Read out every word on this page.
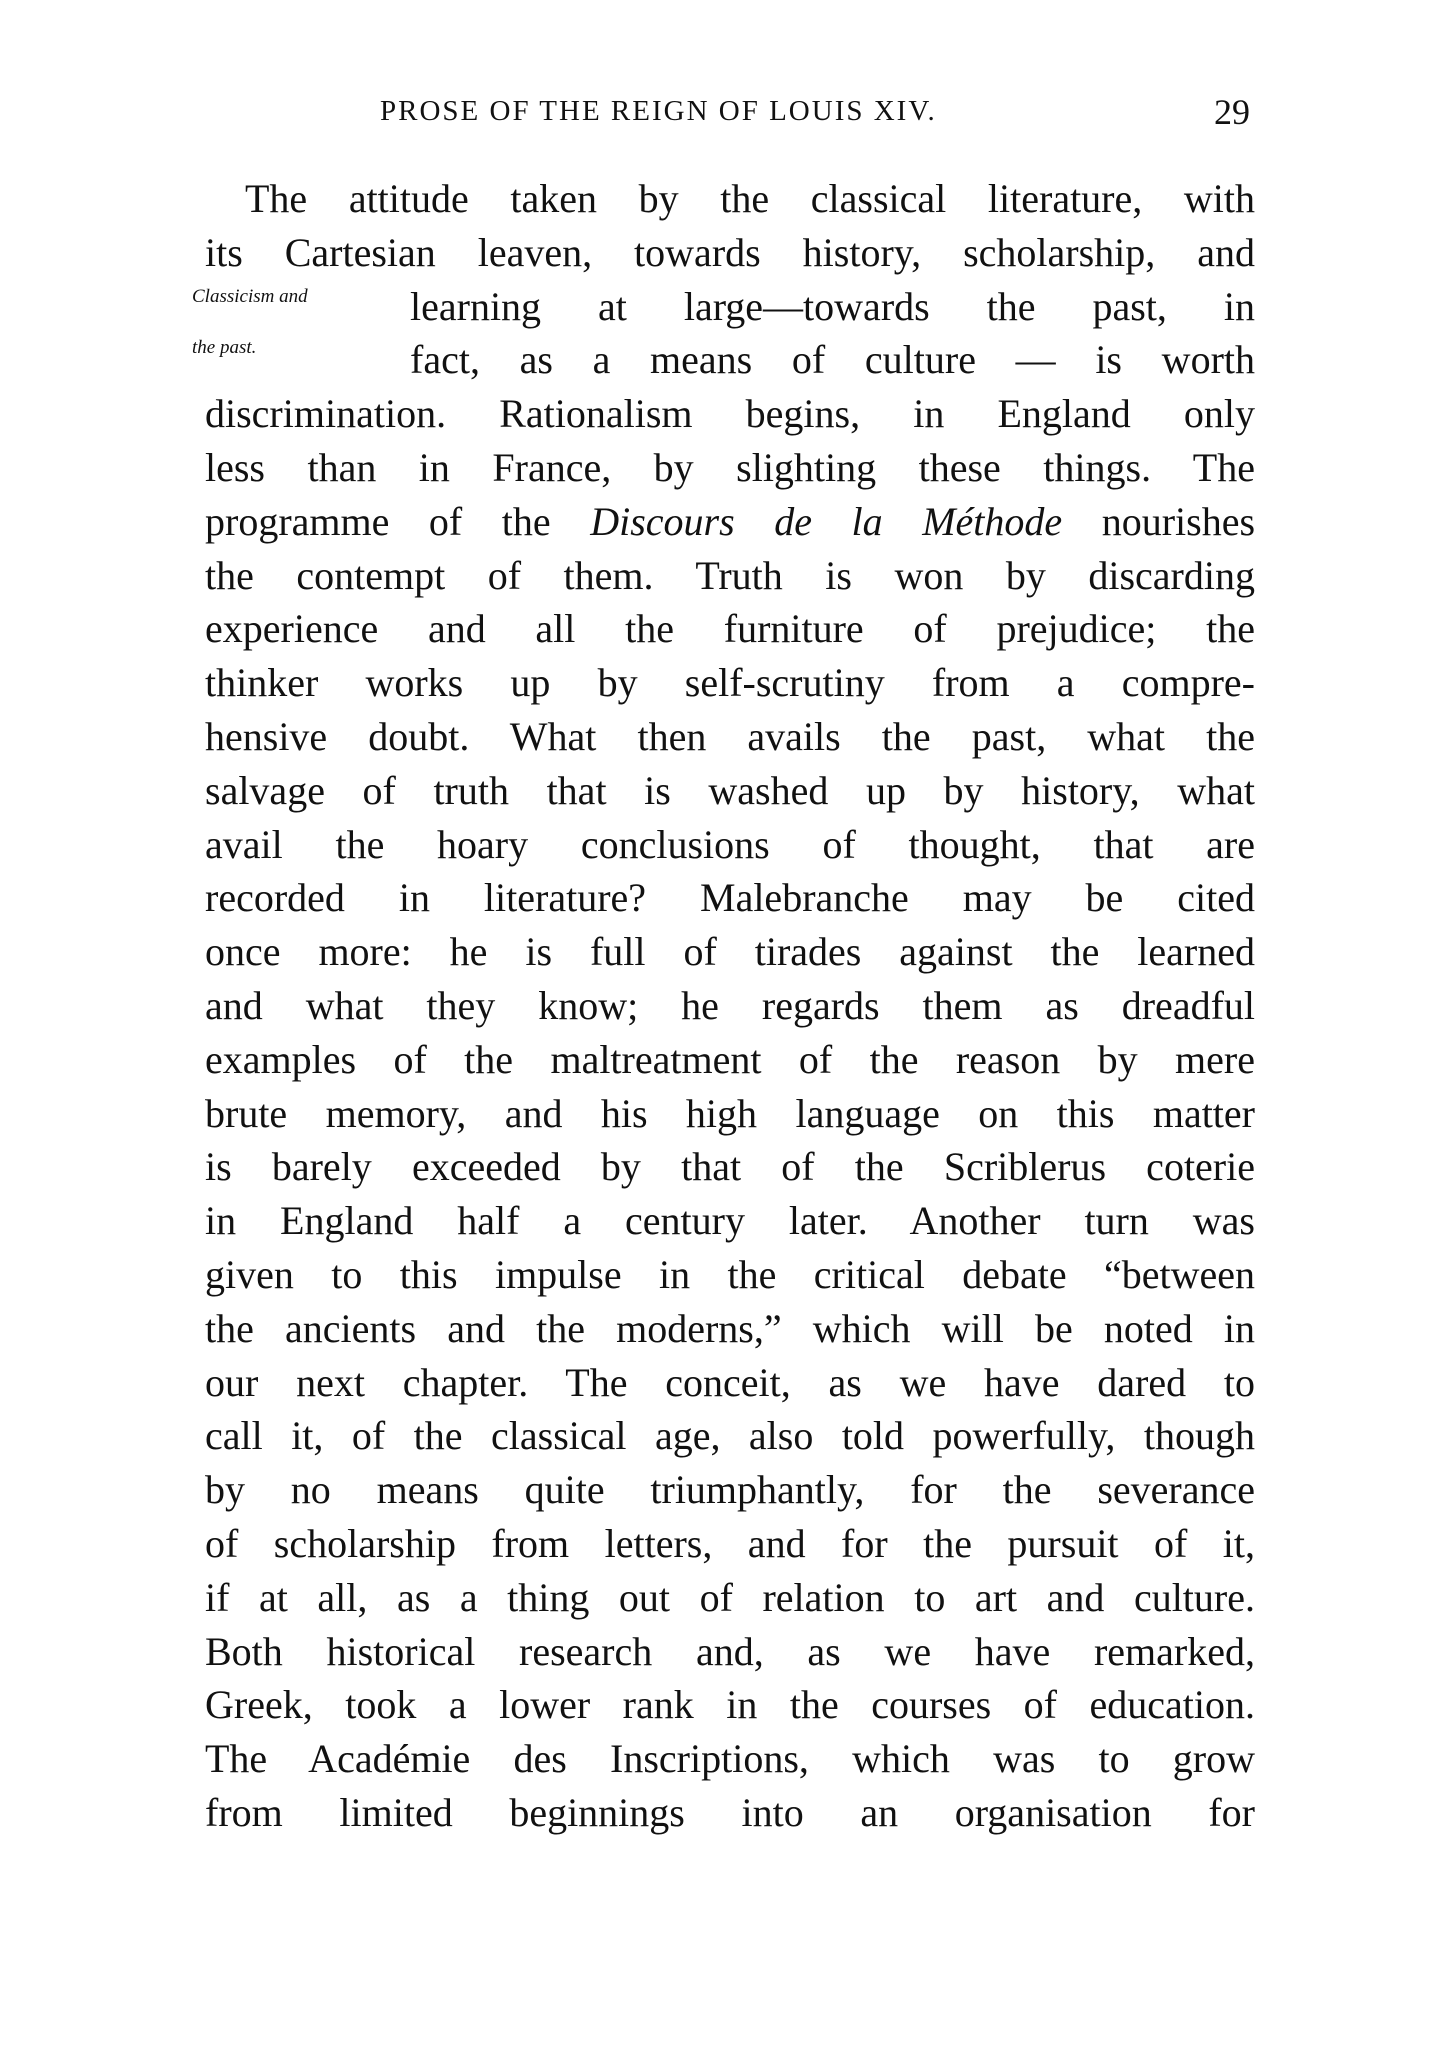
PROSE OF THE REIGN OF LOUIS XIV.	29
The attitude taken by the classical literature, with
its Cartesian leaven, towards history, scholarship, and
Classicism and	learning at large—towards the past, in
the past.	fact, as a means of culture — is worth
discrimination. Rationalism begins, in England only
less than in France, by slighting these things. The
programme of the Discours de la Méthode nourishes
the contempt of them. Truth is won by discarding
experience and all the furniture of prejudice; the
thinker works up by self-scrutiny from a compre-
hensive doubt. What then avails the past, what the
salvage of truth that is washed up by history, what
avail the hoary conclusions of thought, that are
recorded in literature? Malebranche may be cited
once more: he is full of tirades against the learned
and what they know; he regards them as dreadful
examples of the maltreatment of the reason by mere
brute memory, and his high language on this matter
is barely exceeded by that of the Scriblerus coterie
in England half a century later. Another turn was
given to this impulse in the critical debate “between
the ancients and the moderns,” which will be noted in
our next chapter. The conceit, as we have dared to
call it, of the classical age, also told powerfully, though
by no means quite triumphantly, for the severance
of scholarship from letters, and for the pursuit of it,
if at all, as a thing out of relation to art and culture.
Both historical research and, as we have remarked,
Greek, took a lower rank in the courses of education.
The Académie des Inscriptions, which was to grow
from limited beginnings into an organisation for
